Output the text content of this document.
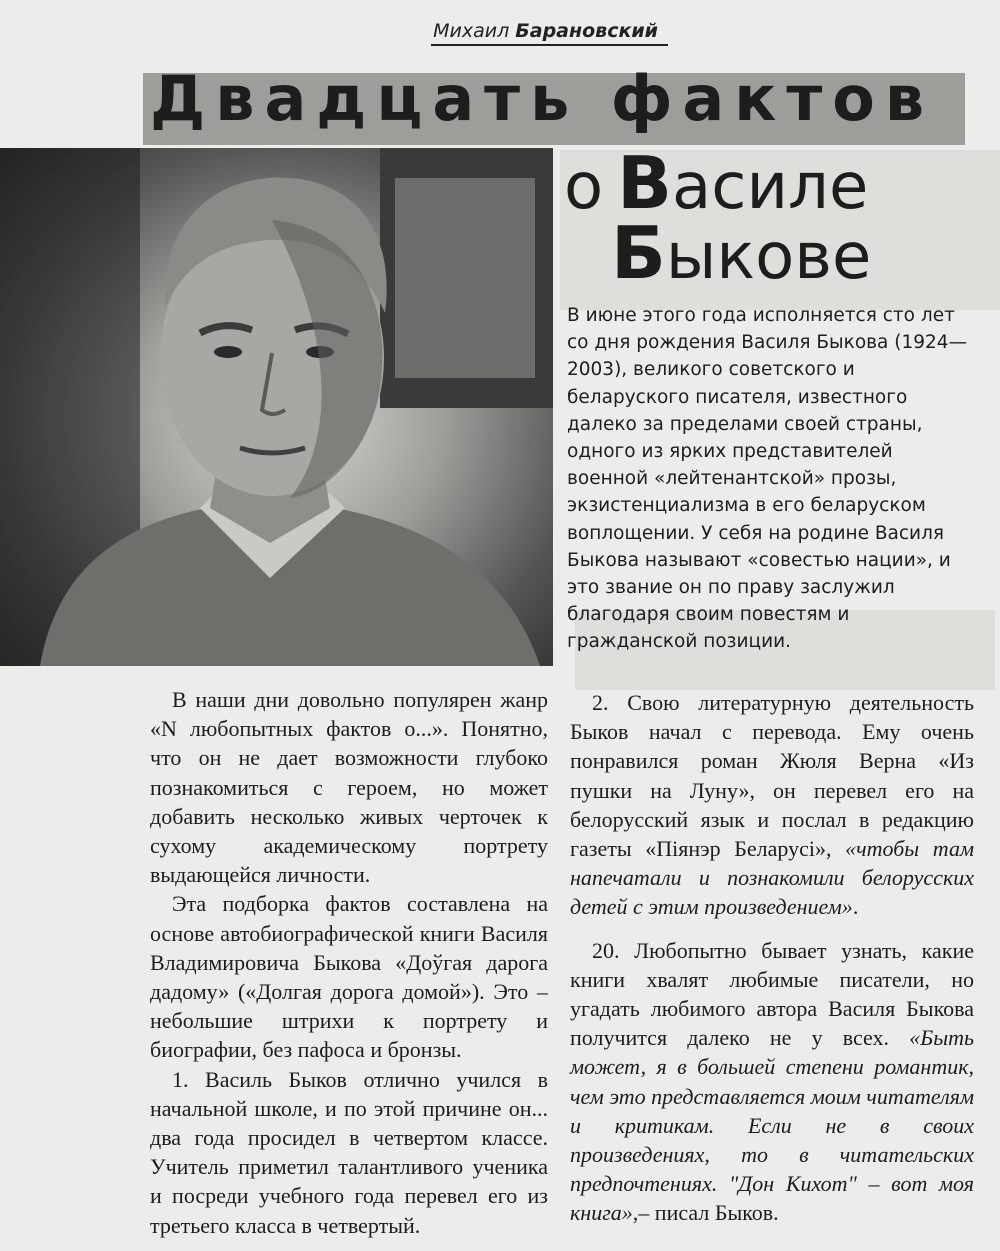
Михаил Барановский
Двадцать фактов
о Василе
Быкове

В июне этого года исполняется сто лет со дня рождения Василя Быкова (1924—2003), великого советского и беларуского писателя, известного далеко за пределами своей страны, одного из ярких представителей военной «лейтенантской» прозы, экзистенциализма в его беларуском воплощении. У себя на родине Василя Быкова называют «совестью нации», и это звание он по праву заслужил благодаря своим повестям и гражданской позиции.

В наши дни довольно популярен жанр «N любопытных фактов о...». Понятно, что он не дает возможности глубоко познакомиться с героем, но может добавить несколько живых черточек к сухому академическому портрету выдающейся личности.

Эта подборка фактов составлена на основе автобиографической книги Василя Владимировича Быкова «Доўгая дарога дадому» («Долгая дорога домой»). Это – небольшие штрихи к портрету и биографии, без пафоса и бронзы.

1. Василь Быков отлично учился в начальной школе, и по этой причине он... два года просидел в четвертом классе. Учитель приметил талантливого ученика и посреди учебного года перевел его из третьего класса в четвертый.

2. Свою литературную деятельность Быков начал с перевода. Ему очень понравился роман Жюля Верна «Из пушки на Луну», он перевел его на белорусский язык и послал в редакцию газеты «Піянэр Беларусі», «чтобы там напечатали и познакомили белорусских детей с этим произведением».

20. Любопытно бывает узнать, какие книги хвалят любимые писатели, но угадать любимого автора Василя Быкова получится далеко не у всех. «Быть может, я в большей степени романтик, чем это представляется моим читателям и критикам. Если не в своих произведениях, то в читательских предпочтениях. "Дон Кихот" – вот моя книга»,– писал Быков.
